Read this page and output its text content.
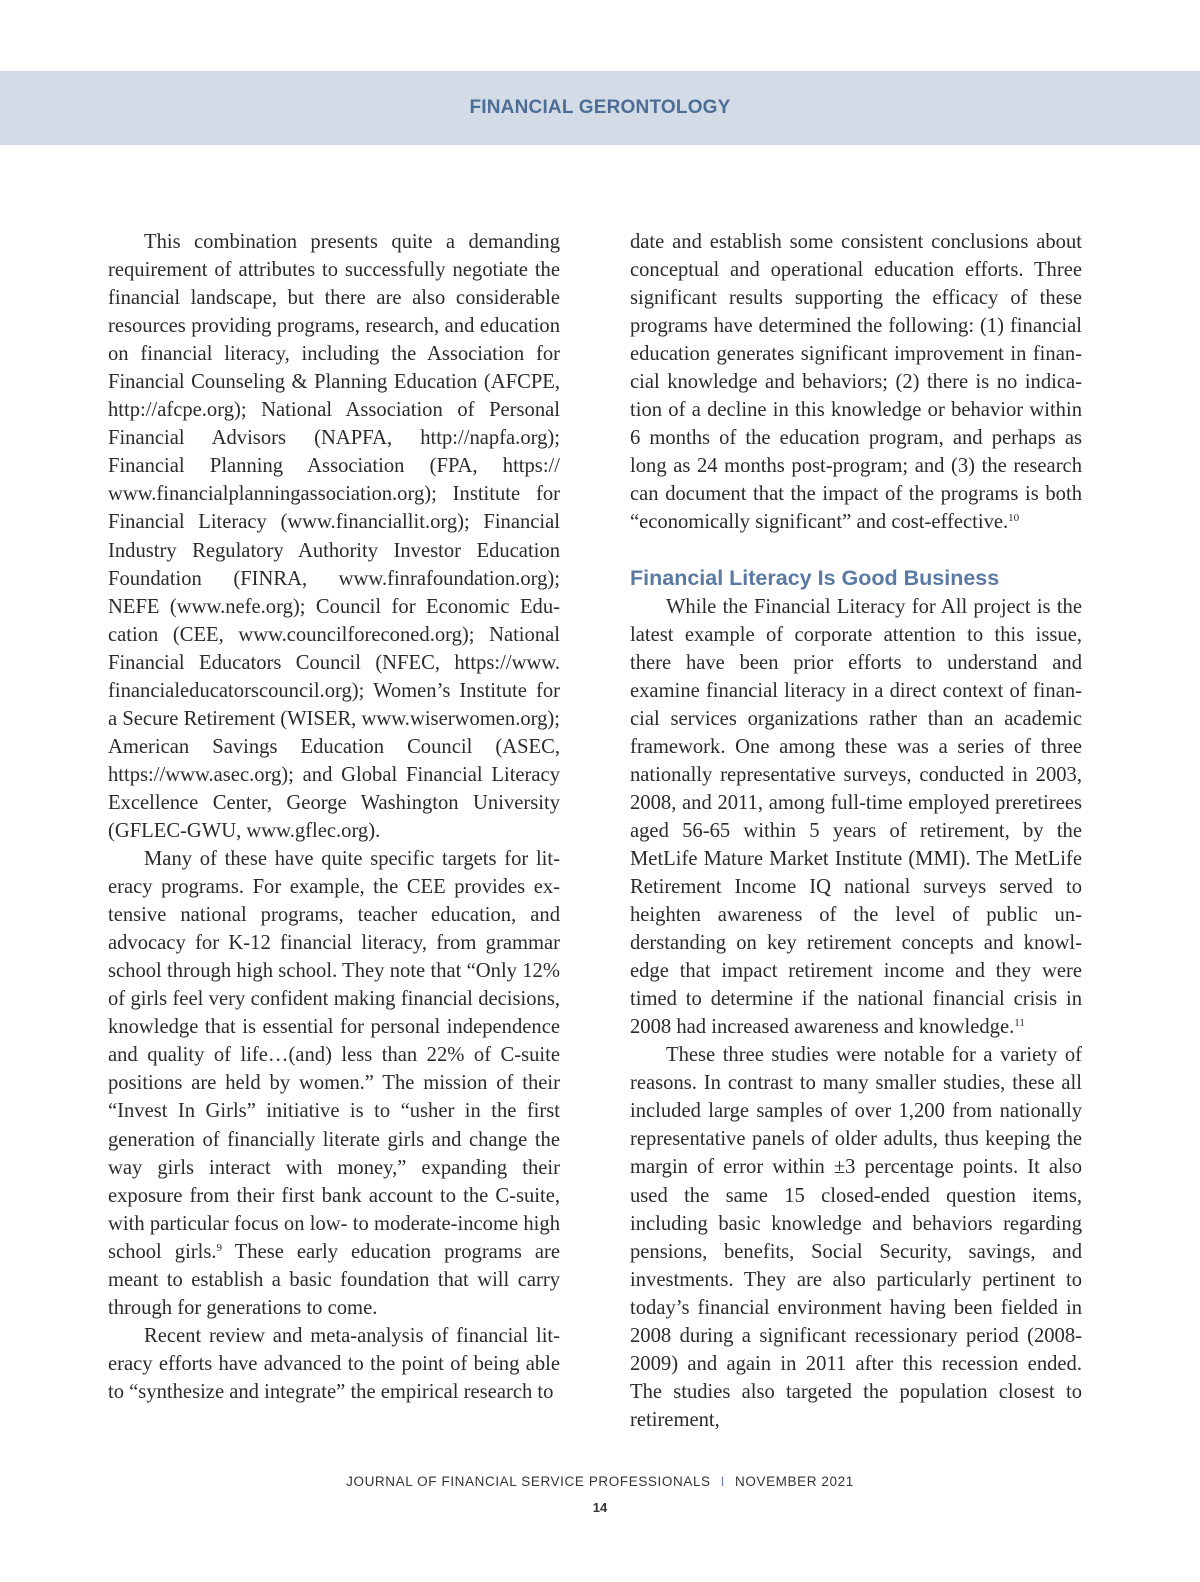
FINANCIAL GERONTOLOGY

This combination presents quite a demanding requirement of attributes to successfully negotiate the financial landscape, but there are also considerable resources providing programs, research, and education on financial literacy, including the Association for Financial Counseling & Planning Education (AFCPE, http://afcpe.org); National Association of Personal Financial Advisors (NAPFA, http://napfa.​org); Financial Planning Association (FPA, https://​www.financialplanningassociation.org); Institute for Financial Literacy (www.financiallit.org); Financial Industry Regulatory Authority Investor Education Foundation (FINRA, www.finrafoundation.org); NEFE (www.nefe.org); Council for Economic Education (CEE, www.councilforeconed.org); National Financial Educators Council (NFEC, https://www.​financialeducatorscouncil.org); Women’s Institute for a Secure Retirement (WISER, www.wiserwomen.​org); American Savings Education Council (ASEC, https://www.asec.org); and Global Financial Literacy Excellence Center, George Washington University (GFLEC-GWU, www.gflec.org).

Many of these have quite specific targets for literacy programs. For example, the CEE provides extensive national programs, teacher education, and advocacy for K-12 financial literacy, from grammar school through high school. They note that “Only 12% of girls feel very confident making financial decisions, knowledge that is essential for personal independence and quality of life…(and) less than 22% of C-suite positions are held by women.” The mission of their “Invest In Girls” initiative is to “usher in the first generation of financially literate girls and change the way girls interact with money,” expanding their exposure from their first bank account to the C-suite, with particular focus on low- to moderate-income high school girls.$^9$ These early education programs are meant to establish a basic foundation that will carry through for generations to come.

Recent review and meta-analysis of financial literacy efforts have advanced to the point of being able to “synthesize and integrate” the empirical research to

date and establish some consistent conclusions about conceptual and operational education efforts. Three significant results supporting the efficacy of these programs have determined the following: (1) financial education generates significant improvement in financial knowledge and behaviors; (2) there is no indication of a decline in this knowledge or behavior within 6 months of the education program, and perhaps as long as 24 months post-program; and (3) the research can document that the impact of the programs is both “economically significant” and cost-effective.$^{10}$

Financial Literacy Is Good Business

While the Financial Literacy for All project is the latest example of corporate attention to this issue, there have been prior efforts to understand and examine financial literacy in a direct context of financial services organizations rather than an academic framework. One among these was a series of three nationally representative surveys, conducted in 2003, 2008, and 2011, among full-time employed preretirees aged 56-65 within 5 years of retirement, by the MetLife Mature Market Institute (MMI). The MetLife Retirement Income IQ national surveys served to heighten awareness of the level of public understanding on key retirement concepts and knowledge that impact retirement income and they were timed to determine if the national financial crisis in 2008 had increased awareness and knowledge.$^{11}$

These three studies were notable for a variety of reasons. In contrast to many smaller studies, these all included large samples of over 1,200 from nationally representative panels of older adults, thus keeping the margin of error within ±3 percentage points. It also used the same 15 closed-ended question items, including basic knowledge and behaviors regarding pensions, benefits, Social Security, savings, and investments. They are also particularly pertinent to today’s financial environment having been fielded in 2008 during a significant recessionary period (2008-2009) and again in 2011 after this recession ended. The studies also targeted the population closest to retirement,

JOURNAL OF FINANCIAL SERVICE PROFESSIONALS I NOVEMBER 2021
14
